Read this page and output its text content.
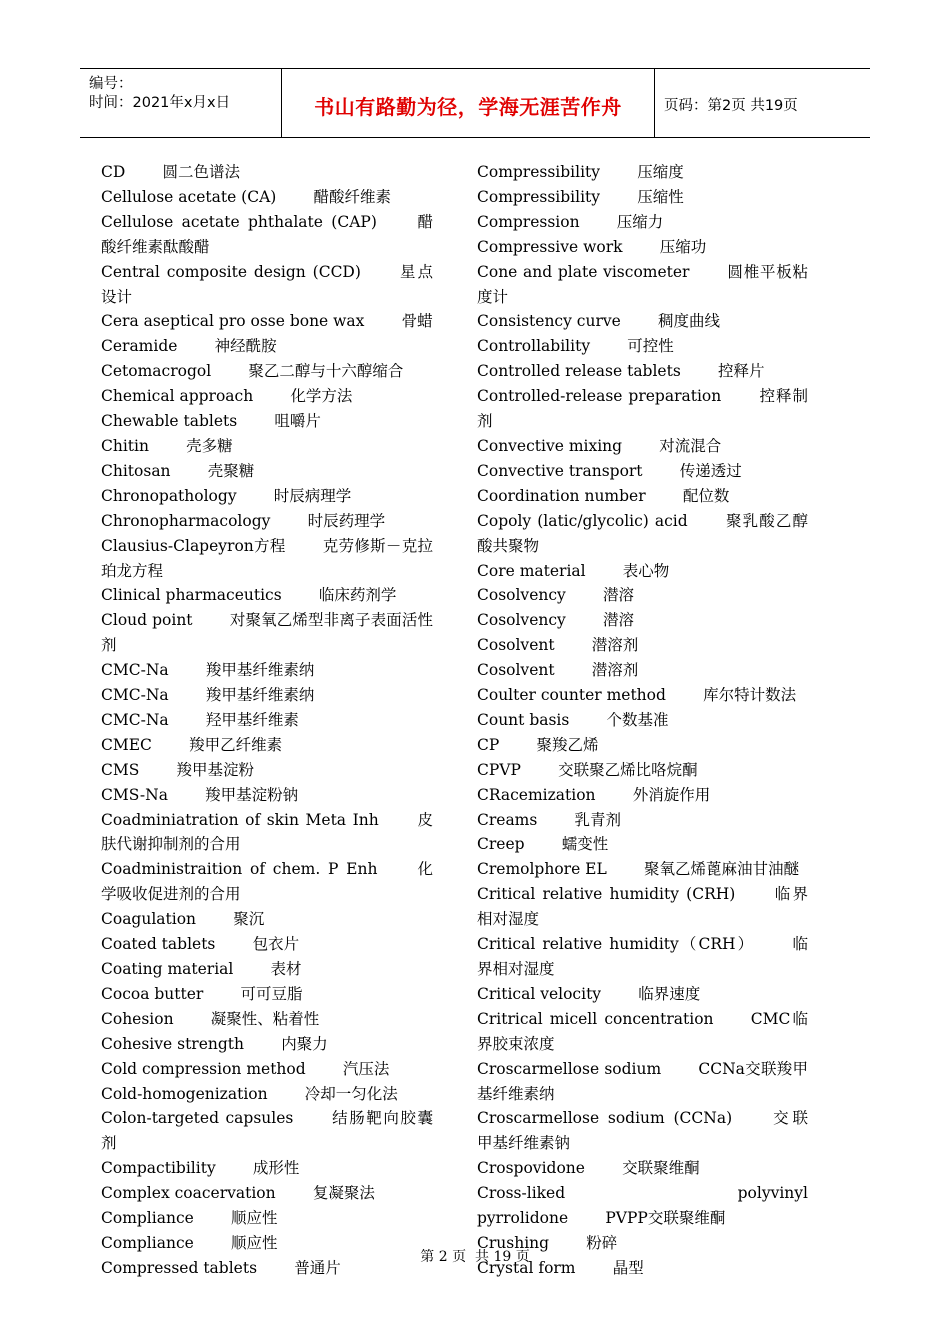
编号：
时间：2021年x月x日	书山有路勤为径，学海无涯苦作舟	页码：第2页 共19页
CD 圆二色谱法
Cellulose acetate (CA) 醋酸纤维素
Cellulose acetate phthalate (CAP) 醋酸纤维素酞酸醋
Central composite design (CCD) 星点设计
Cera aseptical pro osse bone wax 骨蜡
Ceramide 神经酰胺
Cetomacrogol 聚乙二醇与十六醇缩合
Chemical approach 化学方法
Chewable tablets 咀嚼片
Chitin 壳多糖
Chitosan 壳聚糖
Chronopathology 时辰病理学
Chronopharmacology 时辰药理学
Clausius-Clapeyron方程 克劳修斯－克拉珀龙方程
Clinical pharmaceutics 临床药剂学
Cloud point 对聚氧乙烯型非离子表面活性剂
CMC-Na 羧甲基纤维素纳
CMC-Na 羧甲基纤维素纳
CMC-Na 羟甲基纤维素
CMEC 羧甲乙纤维素
CMS 羧甲基淀粉
CMS-Na 羧甲基淀粉钠
Coadminiatration of skin Meta Inh 皮肤代谢抑制剂的合用
Coadministraition of chem. P Enh 化学吸收促进剂的合用
Coagulation 聚沉
Coated tablets 包衣片
Coating material 表材
Cocoa butter 可可豆脂
Cohesion 凝聚性、粘着性
Cohesive strength 内聚力
Cold compression method 汽压法
Cold-homogenization 冷却一匀化法
Colon-targeted capsules 结肠靶向胶囊剂
Compactibility 成形性
Complex coacervation 复凝聚法
Compliance 顺应性
Compliance 顺应性
Compressed tablets 普通片
Compressibility 压缩度
Compressibility 压缩性
Compression 压缩力
Compressive work 压缩功
Cone and plate viscometer 圆椎平板粘度计
Consistency curve 稠度曲线
Controllability 可控性
Controlled release tablets 控释片
Controlled-release preparation 控释制剂
Convective mixing 对流混合
Convective transport 传递透过
Coordination number 配位数
Copoly (latic/glycolic) acid 聚乳酸乙醇酸共聚物
Core material 表心物
Cosolvency 潜溶
Cosolvency 潜溶
Cosolvent 潜溶剂
Cosolvent 潜溶剂
Coulter counter method 库尔特计数法
Count basis 个数基准
CP 聚羧乙烯
CPVP 交联聚乙烯比咯烷酮
CRacemization 外消旋作用
Creams 乳青剂
Creep 蠕变性
Cremolphore EL 聚氧乙烯蓖麻油甘油醚
Critical relative humidity (CRH) 临界相对湿度
Critical relative humidity（CRH） 临界相对湿度
Critical velocity 临界速度
Critrical micell concentration CMC临界胶束浓度
Croscarmellose sodium CCNa交联羧甲基纤维素纳
Croscarmellose sodium (CCNa) 交联甲基纤维素钠
Crospovidone 交联聚维酮
Cross-liked polyvinyl pyrrolidone PVPP交联聚维酮
Crushing 粉碎
Crystal form 晶型
第 2 页  共 19 页
